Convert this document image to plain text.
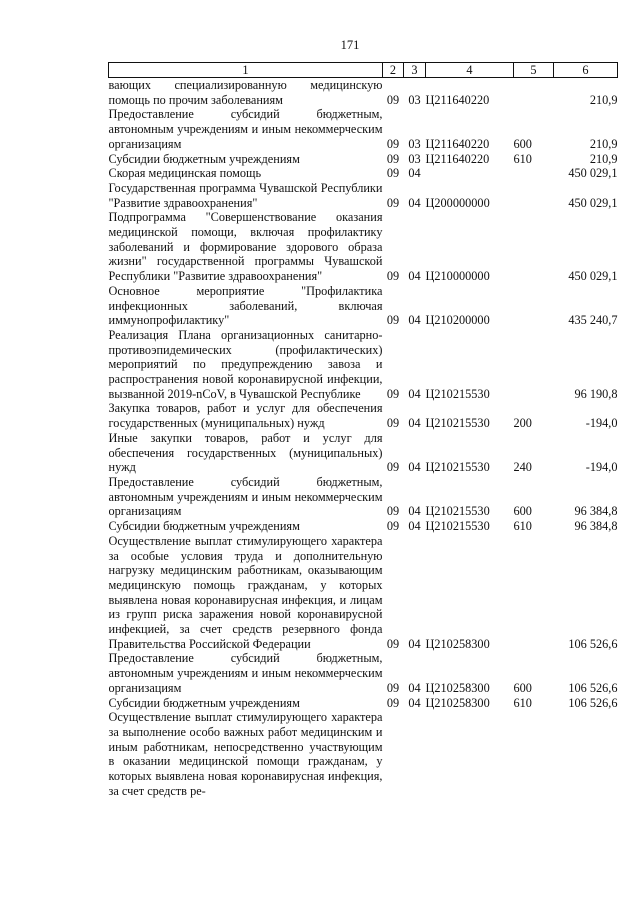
171
1	2	3	4	5	6
вающих специализированную медицинскую помощь по прочим заболеваниям	09	03	Ц211640220		210,9
Предоставление субсидий бюджетным, автономным учреждениям и иным некоммерческим организациям	09	03	Ц211640220	600	210,9
Субсидии бюджетным учреждениям	09	03	Ц211640220	610	210,9
Скорая медицинская помощь	09	04			450 029,1
Государственная программа Чувашской Республики "Развитие здравоохранения"	09	04	Ц200000000		450 029,1
Подпрограмма "Совершенствование оказания медицинской помощи, включая профилактику заболеваний и формирование здорового образа жизни" государственной программы Чувашской Республики "Развитие здравоохранения"	09	04	Ц210000000		450 029,1
Основное мероприятие "Профилактика инфекционных заболеваний, включая иммунопрофилактику"	09	04	Ц210200000		435 240,7
Реализация Плана организационных санитарно-противоэпидемических (профилактических) мероприятий по предупреждению завоза и распространения новой коронавирусной инфекции, вызванной 2019-nCoV, в Чувашской Республике	09	04	Ц210215530		96 190,8
Закупка товаров, работ и услуг для обеспечения государственных (муниципальных) нужд	09	04	Ц210215530	200	-194,0
Иные закупки товаров, работ и услуг для обеспечения государственных (муниципальных) нужд	09	04	Ц210215530	240	-194,0
Предоставление субсидий бюджетным, автономным учреждениям и иным некоммерческим организациям	09	04	Ц210215530	600	96 384,8
Субсидии бюджетным учреждениям	09	04	Ц210215530	610	96 384,8
Осуществление выплат стимулирующего характера за особые условия труда и дополнительную нагрузку медицинским работникам, оказывающим медицинскую помощь гражданам, у которых выявлена новая коронавирусная инфекция, и лицам из групп риска заражения новой коронавирусной инфекцией, за счет средств резервного фонда Правительства Российской Федерации	09	04	Ц210258300		106 526,6
Предоставление субсидий бюджетным, автономным учреждениям и иным некоммерческим организациям	09	04	Ц210258300	600	106 526,6
Субсидии бюджетным учреждениям	09	04	Ц210258300	610	106 526,6
Осуществление выплат стимулирующего характера за выполнение особо важных работ медицинским и иным работникам, непосредственно участвующим в оказании медицинской помощи гражданам, у которых выявлена новая коронавирусная инфекция, за счет средств ре-					
